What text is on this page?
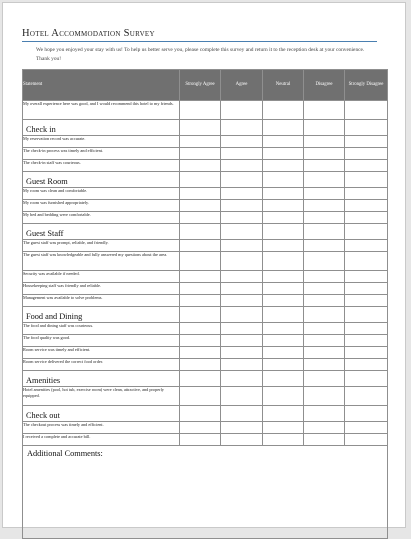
Hotel Accommodation Survey
We hope you enjoyed your stay with us! To help us better serve you, please complete this survey and return it to the reception desk at your convenience. Thank you!
Statement	Strongly Agree	Agree	Neutral	Disagree	Strongly Disagree
My overall experience here was good, and I would recommend this hotel to my friends.					
Check in					
My reservation record was accurate.					
The check-in process was timely and efficient.					
The check-in staff was courteous.					
Guest Room					
My room was clean and comfortable.					
My room was furnished appropriately.					
My bed and bedding were comfortable.					
Guest Staff					
The guest staff was prompt, reliable, and friendly.					
The guest staff was knowledgeable and fully answered my questions about the area.					
Security was available if needed.					
Housekeeping staff was friendly and reliable.					
Management was available to solve problems.					
Food and Dining					
The food and dining staff was courteous.					
The food quality was good.					
Room service was timely and efficient.					
Room service delivered the correct food order.					
Amenities					
Hotel amenities (pool, hot tub, exercise room) were clean, attractive, and properly equipped.					
Check out					
The checkout process was timely and efficient.					
I received a complete and accurate bill.					
Additional Comments:					
